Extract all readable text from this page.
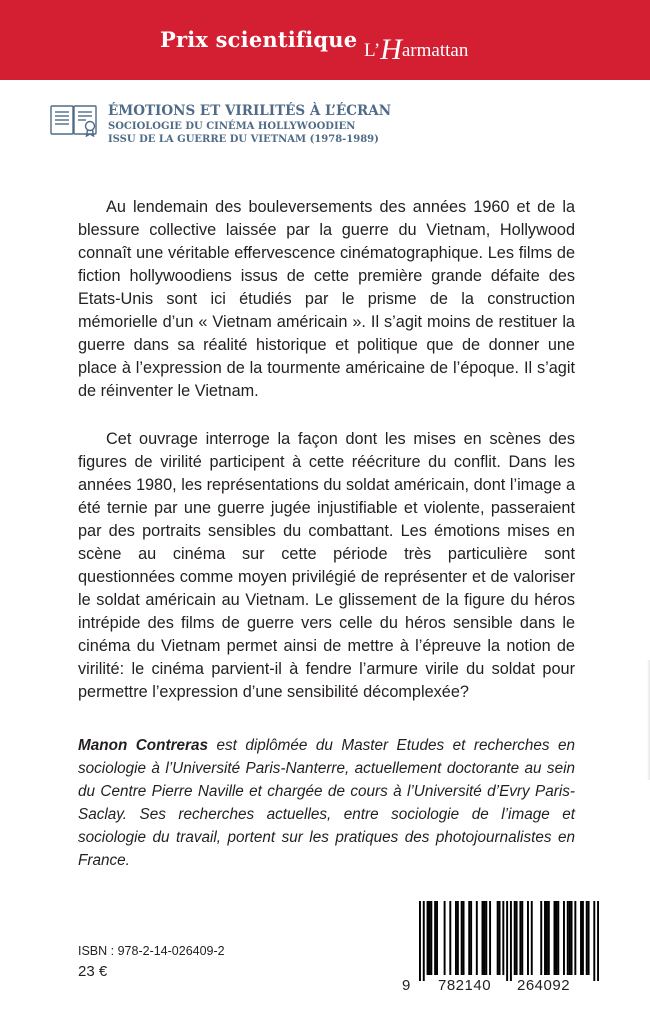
Prix scientifique L’Harmattan
ÉMOTIONS ET VIRILITÉS À L’ÉCRAN
SOCIOLOGIE DU CINÉMA HOLLYWOODIEN
ISSU DE LA GUERRE DU VIETNAM (1978-1989)

Au lendemain des bouleversements des années 1960 et de la blessure collective laissée par la guerre du Vietnam, Hollywood connaît une véritable effervescence cinématographique. Les films de fiction hollywoodiens issus de cette première grande défaite des Etats-Unis sont ici étudiés par le prisme de la construction mémorielle d’un « Vietnam américain ». Il s’agit moins de restituer la guerre dans sa réalité historique et politique que de donner une place à l’expression de la tourmente américaine de l’époque. Il s’agit de réinventer le Vietnam.

Cet ouvrage interroge la façon dont les mises en scènes des figures de virilité participent à cette réécriture du conflit. Dans les années 1980, les représentations du soldat américain, dont l’image a été ternie par une guerre jugée injustifiable et violente, passeraient par des portraits sensibles du combattant. Les émotions mises en scène au cinéma sur cette période très particulière sont questionnées comme moyen privilégié de représenter et de valoriser le soldat américain au Vietnam. Le glissement de la figure du héros intrépide des films de guerre vers celle du héros sensible dans le cinéma du Vietnam permet ainsi de mettre à l’épreuve la notion de virilité: le cinéma parvient-il à fendre l’armure virile du soldat pour permettre l’expression d’une sensibilité décomplexée?

Manon Contreras est diplômée du Master Etudes et recherches en sociologie à l’Université Paris-Nanterre, actuellement doctorante au sein du Centre Pierre Naville et chargée de cours à l’Université d’Evry Paris-Saclay. Ses recherches actuelles, entre sociologie de l’image et sociologie du travail, portent sur les pratiques des photojournalistes en France.

ISBN : 978-2-14-026409-2
23 €
9 782140 264092
